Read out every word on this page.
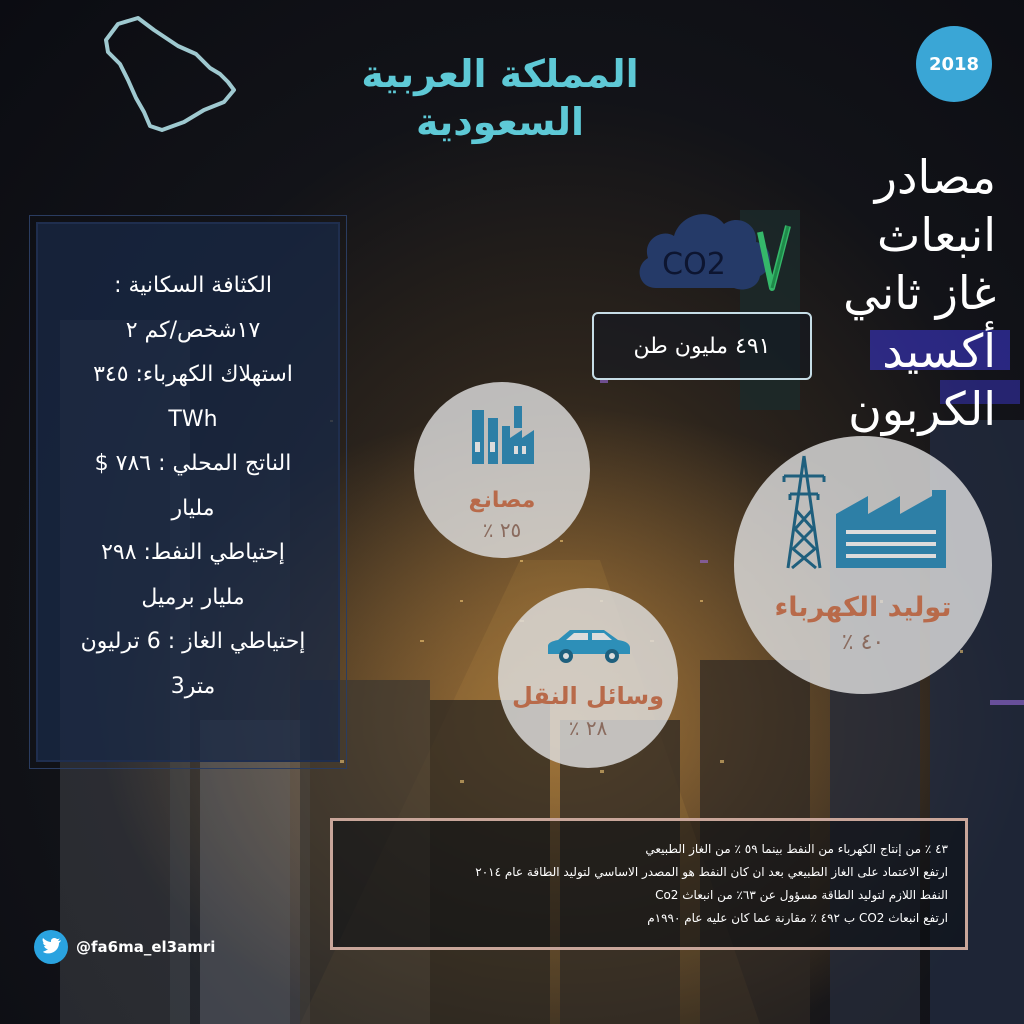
2018
المملكة العربية السعودية
مصادر
انبعاث
غاز ثاني
أكسيد
الكربون
الكثافة السكانية :
١٧شخص/كم ٢
استهلاك الكهرباء: ٣٤٥
TWh
الناتج المحلي : ٧٨٦ $
مليار
إحتياطي النفط: ٢٩٨
مليار برميل
إحتياطي الغاز : 6 ترليون
متر3
CO2
٤٩١ مليون طن
مصانع
٢٥ ٪
وسائل النقل
٢٨ ٪
توليد الكهرباء
٤٠ ٪
٤٣ ٪ من إنتاج الكهرباء من النفط بينما ٥٩ ٪ من الغاز الطبيعي
ارتفع الاعتماد على الغاز الطبيعي بعد ان كان النفط هو المصدر الاساسي لتوليد الطاقة عام ٢٠١٤
النفط اللازم لتوليد الطاقة مسؤول عن ٦٣٪ من انبعاث Co2
ارتفع انبعاث CO2 ب ٤٩٢ ٪ مقارنة عما كان عليه عام ١٩٩٠م
@fa6ma_el3amri
